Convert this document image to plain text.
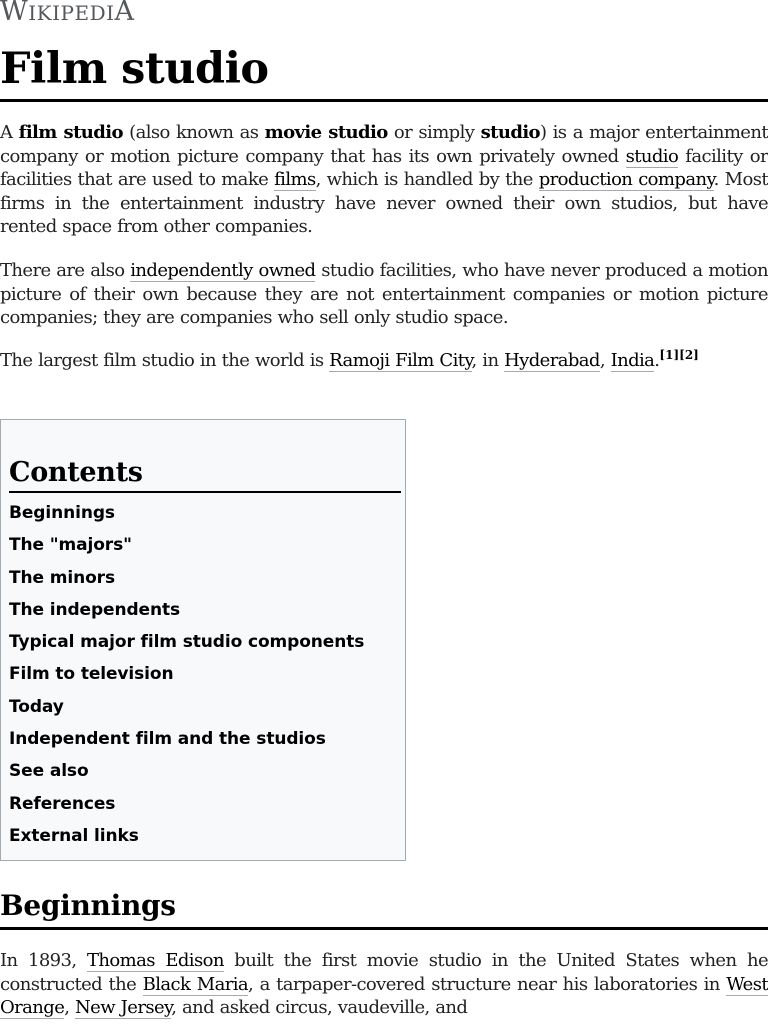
WIKIPEDIA
Film studio

A film studio (also known as movie studio or simply studio) is a major entertainment company or motion picture company that has its own privately owned studio facility or facilities that are used to make films, which is handled by the production company. Most firms in the entertainment industry have never owned their own studios, but have rented space from other companies.

There are also independently owned studio facilities, who have never produced a motion picture of their own because they are not entertainment companies or motion picture companies; they are companies who sell only studio space.

The largest film studio in the world is Ramoji Film City, in Hyderabad, India.[1][2]

Contents
Beginnings
The "majors"
The minors
The independents
Typical major film studio components
Film to television
Today
Independent film and the studios
See also
References
External links
Beginnings

In 1893, Thomas Edison built the first movie studio in the United States when he constructed the Black Maria, a tarpaper-covered structure near his laboratories in West Orange, New Jersey, and asked circus, vaudeville, and
